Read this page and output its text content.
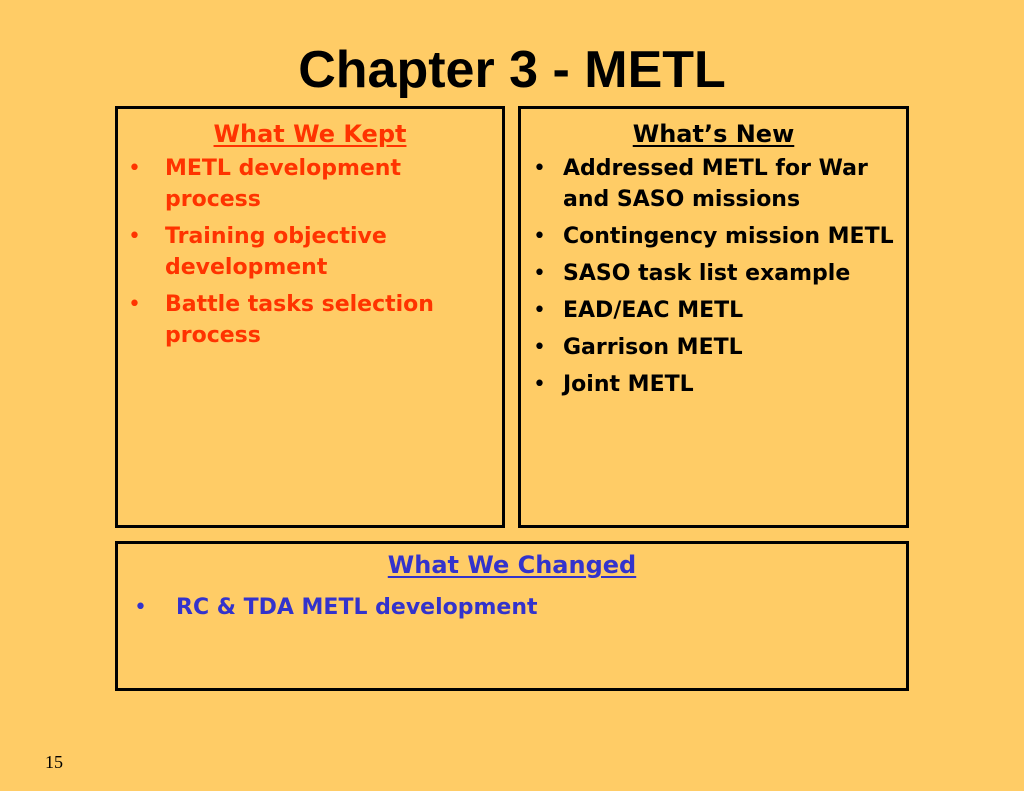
Chapter 3 - METL
What We Kept
• METL development process
• Training objective development
• Battle tasks selection process
What’s New
• Addressed METL for War and SASO missions
• Contingency mission METL
• SASO task list example
• EAD/EAC METL
• Garrison METL
• Joint METL
What We Changed
• RC & TDA METL development
15
